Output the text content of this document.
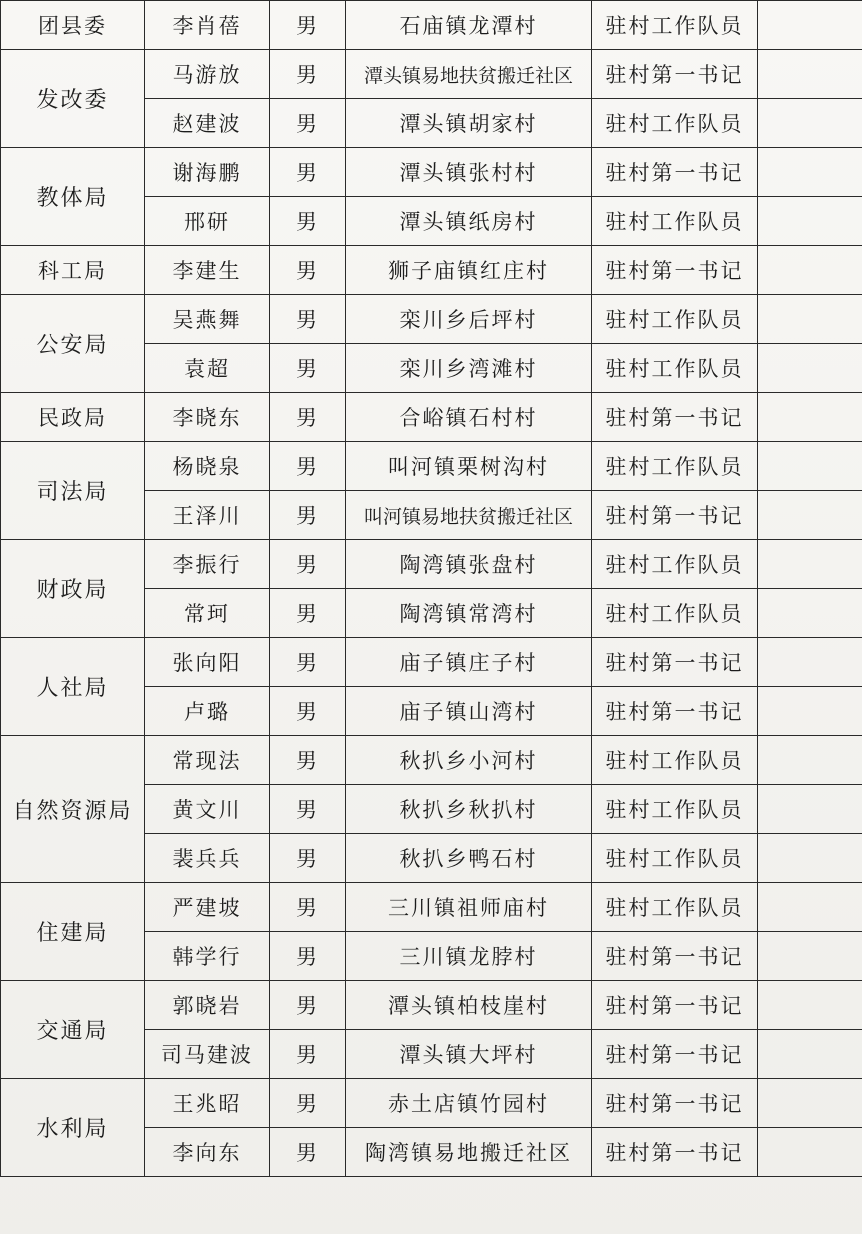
团县委	李肖蓓	男	石庙镇龙潭村	驻村工作队员	
发改委	马游放	男	潭头镇易地扶贫搬迁社区	驻村第一书记	
	赵建波	男	潭头镇胡家村	驻村工作队员	
教体局	谢海鹏	男	潭头镇张村村	驻村第一书记	
	邢研	男	潭头镇纸房村	驻村工作队员	
科工局	李建生	男	狮子庙镇红庄村	驻村第一书记	
公安局	吴燕舞	男	栾川乡后坪村	驻村工作队员	
	袁超	男	栾川乡湾滩村	驻村工作队员	
民政局	李晓东	男	合峪镇石村村	驻村第一书记	
司法局	杨晓泉	男	叫河镇栗树沟村	驻村工作队员	
	王泽川	男	叫河镇易地扶贫搬迁社区	驻村第一书记	
财政局	李振行	男	陶湾镇张盘村	驻村工作队员	
	常珂	男	陶湾镇常湾村	驻村工作队员	
人社局	张向阳	男	庙子镇庄子村	驻村第一书记	
	卢璐	男	庙子镇山湾村	驻村第一书记	
自然资源局	常现法	男	秋扒乡小河村	驻村工作队员	
	黄文川	男	秋扒乡秋扒村	驻村工作队员	
	裴兵兵	男	秋扒乡鸭石村	驻村工作队员	
住建局	严建坡	男	三川镇祖师庙村	驻村工作队员	
	韩学行	男	三川镇龙脖村	驻村第一书记	
交通局	郭晓岩	男	潭头镇柏枝崖村	驻村第一书记	
	司马建波	男	潭头镇大坪村	驻村第一书记	
水利局	王兆昭	男	赤土店镇竹园村	驻村第一书记	
	李向东	男	陶湾镇易地搬迁社区	驻村第一书记	
